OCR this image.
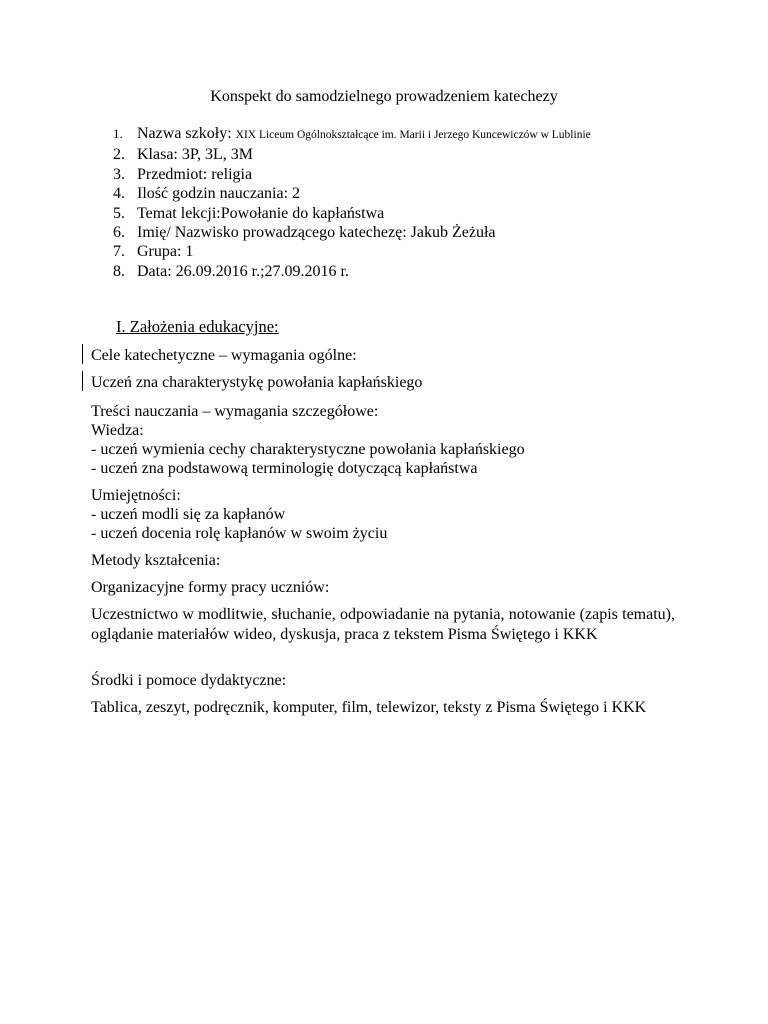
Konspekt do samodzielnego prowadzeniem katechezy
1. Nazwa szkoły: XIX Liceum Ogólnokształcące im. Marii i Jerzego Kuncewiczów w Lublinie
2. Klasa: 3P, 3L, 3M
3. Przedmiot: religia
4. Ilość godzin nauczania: 2
5. Temat lekcji:Powołanie do kapłaństwa
6. Imię/ Nazwisko prowadzącego katechezę: Jakub Żeżuła
7. Grupa: 1
8. Data: 26.09.2016 r.;27.09.2016 r.
I. Założenia edukacyjne:
Cele katechetyczne – wymagania ogólne:
Uczeń zna charakterystykę powołania kapłańskiego
Treści nauczania – wymagania szczegółowe:
Wiedza:
- uczeń wymienia cechy charakterystyczne powołania kapłańskiego
- uczeń zna podstawową terminologię dotyczącą kapłaństwa
Umiejętności:
- uczeń modli się za kapłanów
- uczeń docenia rolę kapłanów w swoim życiu
Metody kształcenia:
Organizacyjne formy pracy uczniów:
Uczestnictwo w modlitwie, słuchanie, odpowiadanie na pytania, notowanie (zapis tematu), oglądanie materiałów wideo, dyskusja, praca z tekstem Pisma Świętego i KKK
Środki i pomoce dydaktyczne:
Tablica, zeszyt, podręcznik, komputer, film, telewizor, teksty z Pisma Świętego i KKK
